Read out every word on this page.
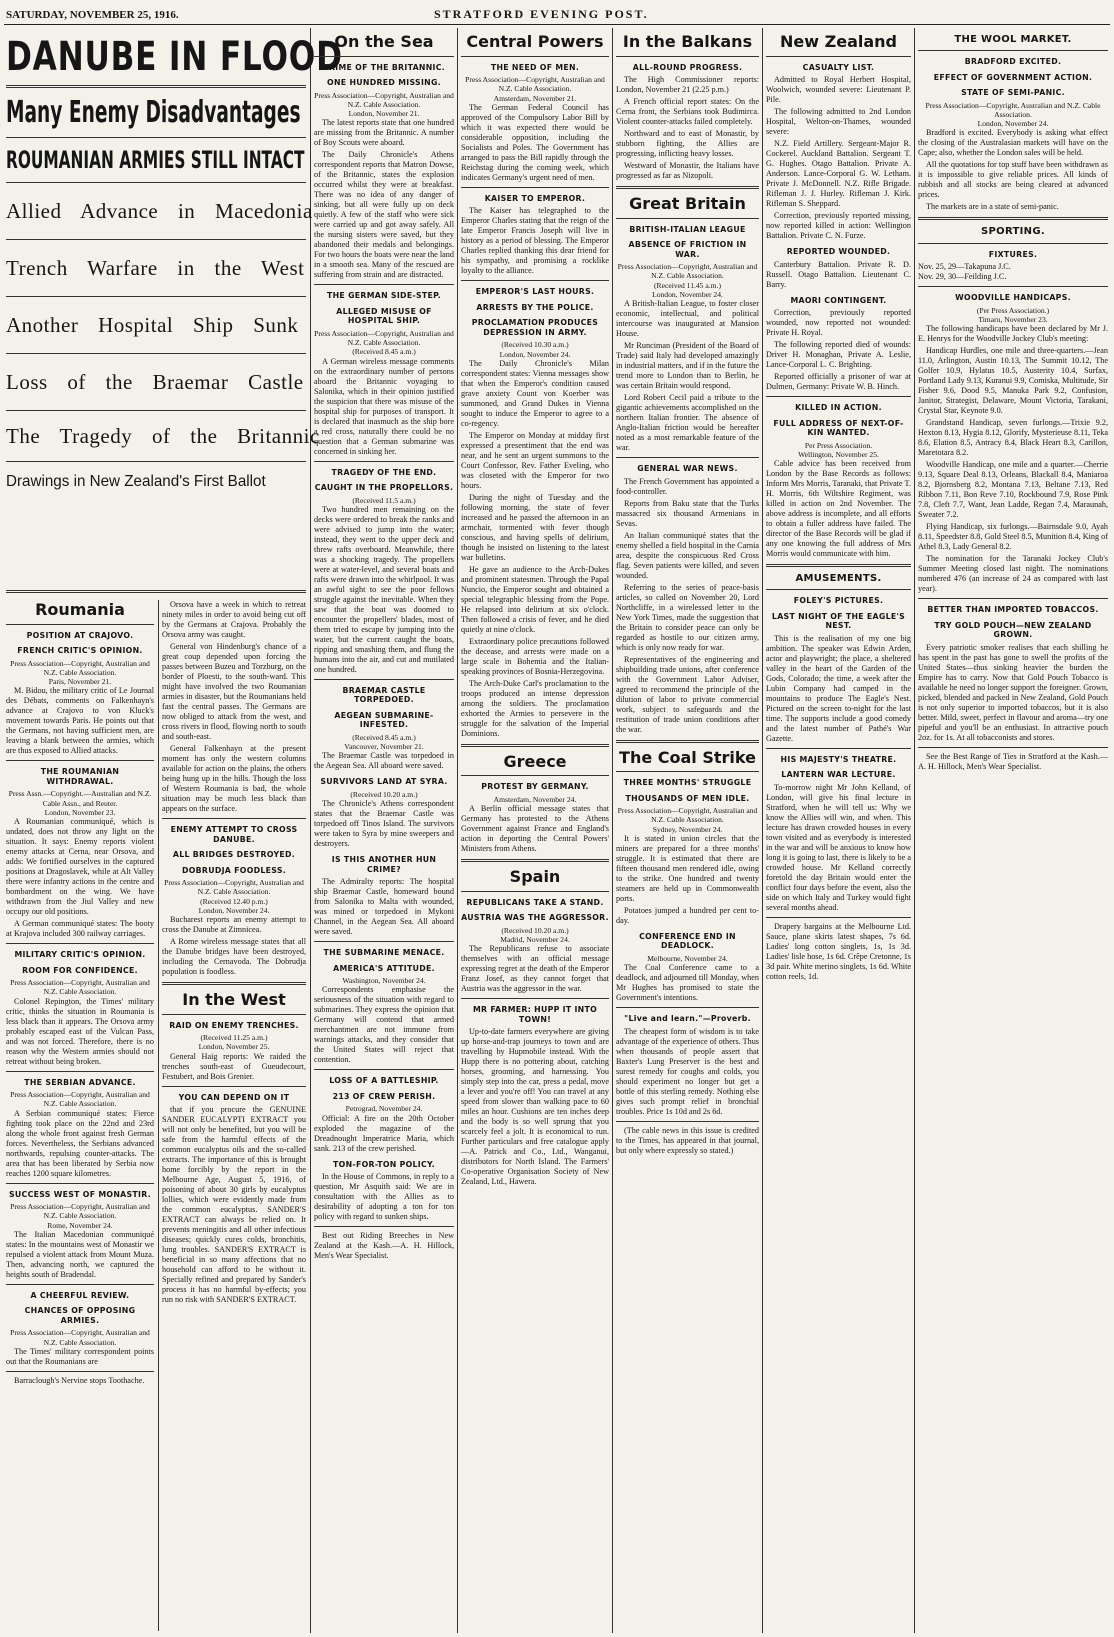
SATURDAY, NOVEMBER 25, 1916.	STRATFORD EVENING POST.
DANUBE IN FLOOD
Many Enemy Disadvantages
ROUMANIAN ARMIES STILL INTACT
Allied Advance in Macedonia
Trench Warfare in the West
Another Hospital Ship Sunk
Loss of the Braemar Castle
The Tragedy of the Britannic
Drawings in New Zealand's First Ballot
Roumania
POSITION AT CRAJOVO.
FRENCH CRITIC'S OPINION.
Press Association—Copyright, Australian and N.Z. Cable Association.
Paris, November 21.

M. Bidou, the military critic of Le Journal des Débats, comments on Falkenhayn's advance at Crajovo to von Kluck's movement towards Paris. He points out that the Germans, not having sufficient men, are leaving a blank between the armies, which are thus exposed to Allied attacks.

THE ROUMANIAN WITHDRAWAL.
Press Assn.—Copyright.—Australian and N.Z. Cable Assn., and Reuter.
London, November 23.

A Roumanian communiqué, which is undated, does not throw any light on the situation. It says: Enemy reports violent enemy attacks at Cerna, near Orsova, and adds: We fortified ourselves in the captured positions at Dragoslavek, while at Alt Valley there were infantry actions in the centre and bombardment on the wing. We have withdrawn from the Jiul Valley and new occupy our old positions.

A German communiqué states: The booty at Krajova included 300 railway carriages.

MILITARY CRITIC'S OPINION.
ROOM FOR CONFIDENCE.
Press Association—Copyright, Australian and N.Z. Cable Association.

Colonel Repington, the Times' military critic, thinks the situation in Roumania is less black than it appears. The Orsova army probably escaped east of the Vulcan Pass, and was not forced. Therefore, there is no reason why the Western armies should not retreat without being broken.

THE SERBIAN ADVANCE.
Press Association—Copyright, Australian and N.Z. Cable Association.

A Serbian communiqué states: Fierce fighting took place on the 22nd and 23rd along the whole front against fresh German forces. Nevertheless, the Serbians advanced northwards, repulsing counter-attacks. The area that has been liberated by Serbia now reaches 1200 square kilometres.

SUCCESS WEST OF MONASTIR.
Press Association—Copyright, Australian and N.Z. Cable Association.
Rome, November 24.

The Italian Macedonian communiqué states: In the mountains west of Monastir we repulsed a violent attack from Mount Muza. Then, advancing north, we captured the heights south of Bradendal.

A CHEERFUL REVIEW.
CHANCES OF OPPOSING ARMIES.
Press Association—Copyright, Australian and N.Z. Cable Association.

The Times' military correspondent points out that the Roumanians are

Barraclough's Nervine stops Toothache.

Orsova have a week in which to retreat ninety miles in order to avoid being cut off by the Germans at Crajova. Probably the Orsova army was caught.

General von Hindenburg's chance of a great coup depended upon forcing the passes between Buzeu and Torzburg, on the border of Ploesti, to the south-ward. This might have involved the two Roumanian armies in disaster, but the Roumanians held fast the central passes. The Germans are now obliged to attack from the west, and cross rivers in flood, flowing north to south and south-east.

General Falkenhayn at the present moment has only the western columns available for action on the plains, the others being hung up in the hills. Though the loss of Western Roumania is bad, the whole situation may be much less black than appears on the surface.

ENEMY ATTEMPT TO CROSS DANUBE.
ALL BRIDGES DESTROYED.
DOBRUDJA FOODLESS.
Press Association—Copyright, Australian and N.Z. Cable Association.
(Received 12.40 p.m.)
London, November 24.

Bucharest reports an enemy attempt to cross the Danube at Zimnicea.

A Rome wireless message states that all the Danube bridges have been destroyed, including the Cernavoda. The Dobrudja population is foodless.

In the West
RAID ON ENEMY TRENCHES.
(Received 11.25 a.m.)
London, November 25.

General Haig reports: We raided the trenches south-east of Gueudecourt, Festubert, and Bois Grenier.

YOU CAN DEPEND ON IT

that if you procure the GENUINE SANDER EUCALYPTI EXTRACT you will not only be benefited, but you will be safe from the harmful effects of the common eucalyptus oils and the so-called extracts. The importance of this is brought home forcibly by the report in the Melbourne Age, August 5, 1916, of poisoning of about 30 girls by eucalyptus lollies, which were evidently made from the common eucalyptus. SANDER'S EXTRACT can always be relied on. It prevents meningitis and all other infectious diseases; quickly cures colds, bronchitis, lung troubles. SANDER'S EXTRACT is beneficial in so many affections that no household can afford to be without it. Specially refined and prepared by Sander's process it has no harmful by-effects; you run no risk with SANDER'S EXTRACT.

On the Sea
CRIME OF THE BRITANNIC.
ONE HUNDRED MISSING.
Press Association—Copyright, Australian and N.Z. Cable Association.
London, November 21.

The latest reports state that one hundred are missing from the Britannic. A number of Boy Scouts were aboard.

The Daily Chronicle's Athens correspondent reports that Matron Dowse, of the Britannic, states the explosion occurred whilst they were at breakfast. There was no idea of any danger of sinking, but all were fully up on deck quietly. A few of the staff who were sick were carried up and got away safely. All the nursing sisters were saved, but they abandoned their medals and belongings. For two hours the boats were near the land in a smooth sea. Many of the rescued are suffering from strain and are distracted.

THE GERMAN SIDE-STEP.
ALLEGED MISUSE OF HOSPITAL SHIP.
Press Association—Copyright, Australian and N.Z. Cable Association.
(Received 8.45 a.m.)

A German wireless message comments on the extraordinary number of persons aboard the Britannic voyaging to Salonika, which in their opinion justified the suspicion that there was misuse of the hospital ship for purposes of transport. It is declared that inasmuch as the ship bore a red cross, naturally there could be no question that a German submarine was concerned in sinking her.

TRAGEDY OF THE END.
CAUGHT IN THE PROPELLORS.
(Received 11.5 a.m.)

Two hundred men remaining on the decks were ordered to break the ranks and were advised to jump into the water; instead, they went to the upper deck and threw rafts overboard. Meanwhile, there was a shocking tragedy. The propellers were at water-level, and several boats and rafts were drawn into the whirlpool. It was an awful sight to see the poor fellows struggle against the inevitable. When they saw that the boat was doomed to encounter the propellers' blades, most of them tried to escape by jumping into the water, but the current caught the boats, ripping and smashing them, and flung the humans into the air, and cut and mutilated one hundred.

BRAEMAR CASTLE TORPEDOED.
AEGEAN SUBMARINE-INFESTED.
(Received 8.45 a.m.)
Vancouver, November 21.

The Braemar Castle was torpedoed in the Aegean Sea. All aboard were saved.

SURVIVORS LAND AT SYRA.
(Received 10.20 a.m.)

The Chronicle's Athens correspondent states that the Braemar Castle was torpedoed off Tinos Island. The survivors were taken to Syra by mine sweepers and destroyers.

IS THIS ANOTHER HUN CRIME?

The Admiralty reports: The hospital ship Braemar Castle, homeward bound from Salonika to Malta with wounded, was mined or torpedoed in Mykoni Channel, in the Aegean Sea. All aboard were saved.

THE SUBMARINE MENACE.
AMERICA'S ATTITUDE.
Washington, November 24.

Correspondents emphasise the seriousness of the situation with regard to submarines. They express the opinion that Germany will contend that armed merchantmen are not immune from warnings attacks, and they consider that the United States will reject that contention.

LOSS OF A BATTLESHIP.
213 OF CREW PERISH.
Petrograd, November 24.

Official: A fire on the 20th October exploded the magazine of the Dreadnought Imperatrice Maria, which sank. 213 of the crew perished.

TON-FOR-TON POLICY.

In the House of Commons, in reply to a question, Mr Asquith said: We are in consultation with the Allies as to desirability of adopting a ton for ton policy with regard to sunken ships.

Best out Riding Breeches in New Zealand at the Kash.—A. H. Hillock, Men's Wear Specialist.

Central Powers
THE NEED OF MEN.
Press Association—Copyright, Australian and N.Z. Cable Association.
Amsterdam, November 21.

The German Federal Council has approved of the Compulsory Labor Bill by which it was expected there would be considerable opposition, including the Socialists and Poles. The Government has arranged to pass the Bill rapidly through the Reichstag during the coming week, which indicates Germany's urgent need of men.

KAISER TO EMPEROR.

The Kaiser has telegraphed to the Emperor Charles stating that the reign of the late Emperor Francis Joseph will live in history as a period of blessing. The Emperor Charles replied thanking this dear friend for his sympathy, and promising a rocklike loyalty to the alliance.

EMPEROR'S LAST HOURS.
ARRESTS BY THE POLICE.
PROCLAMATION PRODUCES DEPRESSION IN ARMY.
(Received 10.30 a.m.)
London, November 24.

The Daily Chronicle's Milan correspondent states: Vienna messages show that when the Emperor's condition caused grave anxiety Count von Koerber was summoned, and Grand Dukes in Vienna sought to induce the Emperor to agree to a co-regency.

The Emperor on Monday at midday first expressed a presentiment that the end was near, and he sent an urgent summons to the Court Confessor, Rev. Father Eveling, who was closeted with the Emperor for two hours.

During the night of Tuesday and the following morning, the state of fever increased and he passed the afternoon in an armchair, tormented with fever though conscious, and having spells of delirium, though he insisted on listening to the latest war bulletins.

He gave an audience to the Arch-Dukes and prominent statesmen. Through the Papal Nuncio, the Emperor sought and obtained a special telegraphic blessing from the Pope. He relapsed into delirium at six o'clock. Then followed a crisis of fever, and he died quietly at nine o'clock.

Extraordinary police precautions followed the decease, and arrests were made on a large scale in Bohemia and the Italian-speaking provinces of Bosnia-Herzegovina.

The Arch-Duke Carl's proclamation to the troops produced an intense depression among the soldiers. The proclamation exhorted the Armies to persevere in the struggle for the salvation of the Imperial Dominions.

Greece
PROTEST BY GERMANY.
Amsterdam, November 24.

A Berlin official message states that Germany has protested to the Athens Government against France and England's action in deporting the Central Powers' Ministers from Athens.

Spain
REPUBLICANS TAKE A STAND.
AUSTRIA WAS THE AGGRESSOR.
(Received 10.20 a.m.)
Madrid, November 24.

The Republicans refuse to associate themselves with an official message expressing regret at the death of the Emperor Franz Josef, as they cannot forget that Austria was the aggressor in the war.

MR FARMER: HUPP IT INTO TOWN!

Up-to-date farmers everywhere are giving up horse-and-trap journeys to town and are travelling by Hupmobile instead. With the Hupp there is no pottering about, catching horses, grooming, and harnessing. You simply step into the car, press a pedal, move a lever and you're off! You can travel at any speed from slower than walking pace to 60 miles an hour. Cushions are ten inches deep and the body is so well sprung that you scarcely feel a jolt. It is economical to run. Further particulars and free catalogue apply—A. Patrick and Co., Ltd., Wanganui, distributors for North Island. The Farmers' Co-operative Organisation Society of New Zealand, Ltd., Hawera.

In the Balkans
ALL-ROUND PROGRESS.

The High Commissioner reports: London, November 21 (2.25 p.m.)

A French official report states: On the Cerna front, the Serbians took Budimirca. Violent counter-attacks failed completely.

Northward and to east of Monastir, by stubborn fighting, the Allies are progressing, inflicting heavy losses.

Westward of Monastir, the Italians have progressed as far as Nizopoli.

Great Britain
BRITISH-ITALIAN LEAGUE
ABSENCE OF FRICTION IN WAR.
Press Association—Copyright, Australian and N.Z. Cable Association.
(Received 11.45 a.m.)
London, November 24.

A British-Italian League, to foster closer economic, intellectual, and political intercourse was inaugurated at Mansion House.

Mr Runciman (President of the Board of Trade) said Italy had developed amazingly in industrial matters, and if in the future the trend more to London than to Berlin, he was certain Britain would respond.

Lord Robert Cecil paid a tribute to the gigantic achievements accomplished on the northern Italian frontier. The absence of Anglo-Italian friction would be hereafter noted as a most remarkable feature of the war.

GENERAL WAR NEWS.

The French Government has appointed a food-controller.

Reports from Baku state that the Turks massacred six thousand Armenians in Sevas.

An Italian communiqué states that the enemy shelled a field hospital in the Carnia area, despite the conspicuous Red Cross flag. Seven patients were killed, and seven wounded.

Referring to the series of peace-basis articles, so called on November 20, Lord Northcliffe, in a wirelessed letter to the New York Times, made the suggestion that the Britain to consider peace can only be regarded as hostile to our citizen army, which is only now ready for war.

Representatives of the engineering and shipbuilding trade unions, after conference with the Government Labor Adviser, agreed to recommend the principle of the dilution of labor to private commercial work, subject to safeguards and the restitution of trade union conditions after the war.

The Coal Strike
THREE MONTHS' STRUGGLE
THOUSANDS OF MEN IDLE.
Press Association—Copyright, Australian and N.Z. Cable Association.
Sydney, November 24.

It is stated in union circles that the miners are prepared for a three months' struggle. It is estimated that there are fifteen thousand men rendered idle, owing to the strike. One hundred and twenty steamers are held up in Commonwealth ports.

Potatoes jumped a hundred per cent to-day.

CONFERENCE END IN DEADLOCK.
Melbourne, November 24.

The Coal Conference came to a deadlock, and adjourned till Monday, when Mr Hughes has promised to state the Government's intentions.

"Live and learn."—Proverb.

The cheapest form of wisdom is to take advantage of the experience of others. Thus when thousands of people assert that Baxter's Lung Preserver is the best and surest remedy for coughs and colds, you should experiment no longer but get a bottle of this sterling remedy. Nothing else gives such prompt relief in bronchial troubles. Price 1s 10d and 2s 6d.

(The cable news in this issue is credited to the Times, has appeared in that journal, but only where expressly so stated.)

New Zealand
CASUALTY LIST.

Admitted to Royal Herbert Hospital, Woolwich, wounded severe: Lieutenant P. Pile.

The following admitted to 2nd London Hospital, Welton-on-Thames, wounded severe:

N.Z. Field Artillery. Sergeant-Major R. Cockerel. Auckland Battalion. Sergeant T. G. Hughes. Otago Battalion. Private A. Anderson. Lance-Corporal G. W. Letham. Private J. McDonnell. N.Z. Rifle Brigade. Rifleman J. J. Hurley. Rifleman J. Kirk. Rifleman S. Sheppard.

Correction, previously reported missing, now reported killed in action: Wellington Battalion. Private C. N. Furze.

REPORTED WOUNDED.

Canterbury Battalion. Private R. D. Russell. Otago Battalion. Lieutenant C. Barry.

MAORI CONTINGENT.

Correction, previously reported wounded, now reported not wounded: Private H. Royal.

The following reported died of wounds: Driver H. Monaghan, Private A. Leslie, Lance-Corporal L. C. Brighting.

Reported officially a prisoner of war at Dulmen, Germany: Private W. B. Hinch.

KILLED IN ACTION.
FULL ADDRESS OF NEXT-OF-KIN WANTED.
Per Press Association.
Wellington, November 25.

Cable advice has been received from London by the Base Records as follows: Inform Mrs Morris, Taranaki, that Private T. H. Morris, 6th Wiltshire Regiment, was killed in action on 2nd November. The above address is incomplete, and all efforts to obtain a fuller address have failed. The director of the Base Records will be glad if any one knowing the full address of Mrs Morris would communicate with him.

AMUSEMENTS.
FOLEY'S PICTURES.
LAST NIGHT OF THE EAGLE'S NEST.

This is the realisation of my one big ambition. The speaker was Edwin Arden, actor and playwright; the place, a sheltered valley in the heart of the Garden of the Gods, Colorado; the time, a week after the Lubin Company had camped in the mountains to produce The Eagle's Nest. Pictured on the screen to-night for the last time. The supports include a good comedy and the latest number of Pathé's War Gazette.

HIS MAJESTY'S THEATRE.
LANTERN WAR LECTURE.

To-morrow night Mr John Kelland, of London, will give his final lecture in Stratford, when he will tell us: Why we know the Allies will win, and when. This lecture has drawn crowded houses in every town visited and as everybody is interested in the war and will be anxious to know how long it is going to last, there is likely to be a crowded house. Mr Kelland correctly foretold the day Britain would enter the conflict four days before the event, also the side on which Italy and Turkey would fight several months ahead.

Drapery bargains at the Melbourne Ltd. Sauce, plane skirts latest shapes, 7s 6d. Ladies' long cotton singlets, 1s, 1s 3d. Ladies' lisle hose, 1s 6d. Crêpe Cretonne, 1s 3d pair. White merino singlets, 1s 6d. White cotton reels, 1d.

THE WOOL MARKET.
BRADFORD EXCITED.
EFFECT OF GOVERNMENT ACTION.
STATE OF SEMI-PANIC.
Press Association—Copyright, Australian and N.Z. Cable Association.
London, November 24.

Bradford is excited. Everybody is asking what effect the closing of the Australasian markets will have on the Cape; also, whether the London sales will be held.

All the quotations for top stuff have been withdrawn as it is impossible to give reliable prices. All kinds of rubbish and all stocks are being cleared at advanced prices.

The markets are in a state of semi-panic.

SPORTING.
FIXTURES.
Nov. 25, 29—Takapuna J.C.
Nov. 29, 30—Feilding J.C.
WOODVILLE HANDICAPS.
(Per Press Association.)
Timaru, November 23.

The following handicaps have been declared by Mr J. E. Henrys for the Woodville Jockey Club's meeting:

Handicap Hurdles, one mile and three-quarters.—Jean 11.0, Arlington, Austin 10.13, The Summit 10.12, The Golfer 10.9, Hylatus 10.5, Austerity 10.4, Surfax, Portland Lady 9.13, Kuranui 9.9, Comiska, Multitude, Sir Fisher 9.6, Dood 9.5, Manuka Park 9.2, Confusion, Janitor, Strategist, Delaware, Mount Victoria, Tarakani, Crystal Star, Keynote 9.0.

Grandstand Handicap, seven furlongs.—Trixie 9.2, Hexton 8.13, Hygia 8.12, Glorify, Mysterieuse 8.11, Teka 8.6, Elation 8.5, Antracy 8.4, Black Heart 8.3, Carillon, Maretotara 8.2.

Woodville Handicap, one mile and a quarter.—Cherrie 9.13, Square Deal 8.13, Orleans, Blackall 8.4, Maniaroa 8.2, Bjornsberg 8.2, Montana 7.13, Beltane 7.13, Red Ribbon 7.11, Bon Reve 7.10, Rockbound 7.9, Rose Pink 7.8, Cleft 7.7, Want, Jean Ladde, Regan 7.4, Maraunah, Sweater 7.2.

Flying Handicap, six furlongs.—Bairnsdale 9.0, Ayah 8.11, Speedster 8.8, Gold Steel 8.5, Munition 8.4, King of Athel 8.3, Lady General 8.2.

The nomination for the Taranaki Jockey Club's Summer Meeting closed last night. The nominations numbered 476 (an increase of 24 as compared with last year).

BETTER THAN IMPORTED TOBACCOS.
TRY GOLD POUCH—NEW ZEALAND GROWN.

Every patriotic smoker realises that each shilling he has spent in the past has gone to swell the profits of the United States—thus sinking heavier the burden the Empire has to carry. Now that Gold Pouch Tobacco is available he need no longer support the foreigner. Grown, picked, blended and packed in New Zealand, Gold Pouch is not only superior to imported tobaccos, but it is also better. Mild, sweet, perfect in flavour and aroma—try one pipeful and you'll be an enthusiast. In attractive pouch 2oz. for 1s. At all tobacconists and stores.

See the Best Range of Ties in Stratford at the Kash.—A. H. Hillock, Men's Wear Specialist.
